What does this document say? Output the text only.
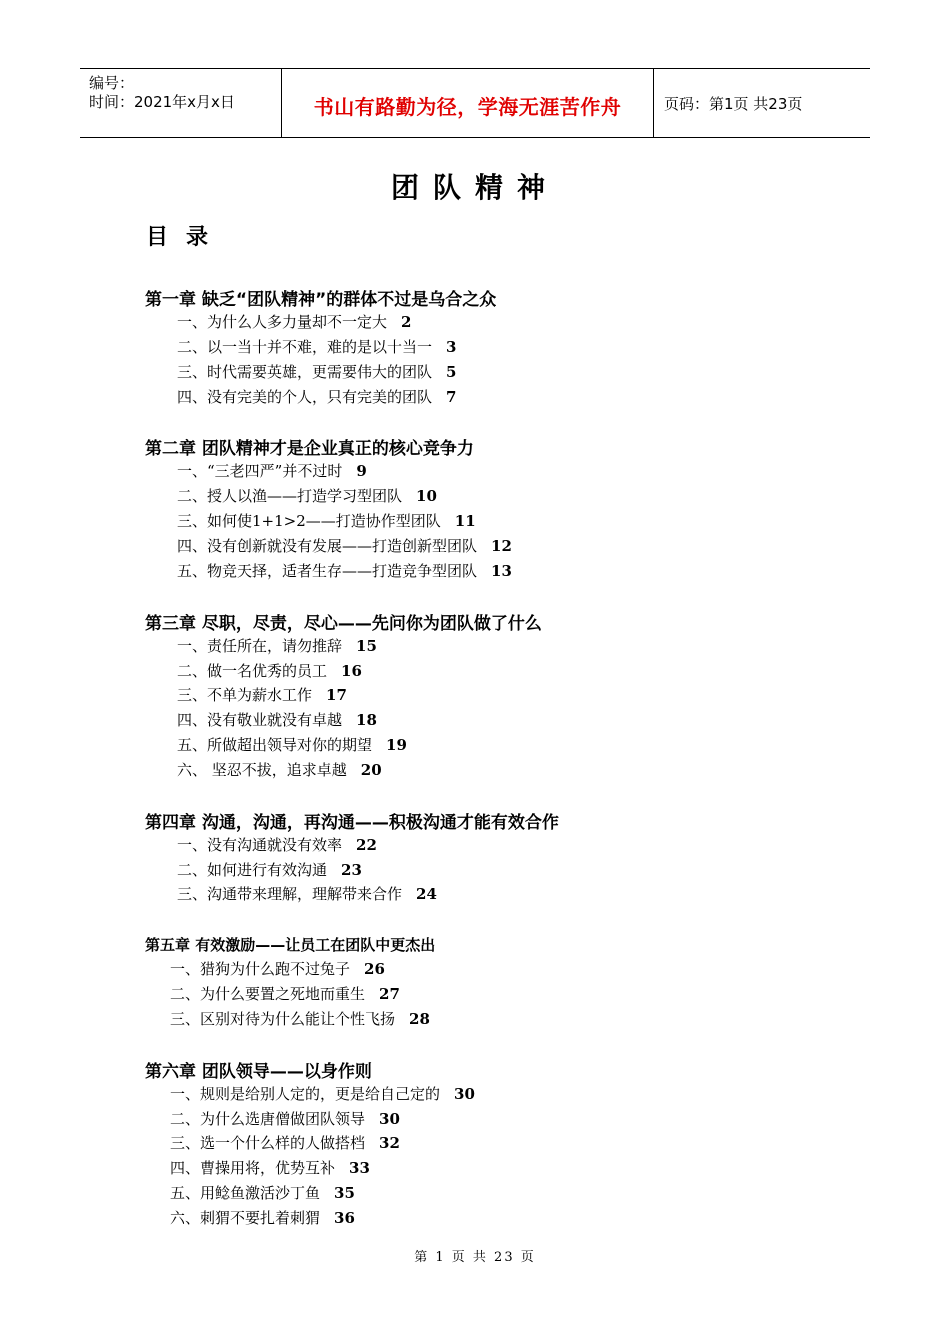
编号：
时间：2021年x月x日	书山有路勤为径，学海无涯苦作舟	页码：第1页 共23页
团队精神
目录
第一章 缺乏“团队精神”的群体不过是乌合之众
一、为什么人多力量却不一定大 2
二、以一当十并不难，难的是以十当一 3
三、时代需要英雄，更需要伟大的团队 5
四、没有完美的个人，只有完美的团队 7
第二章 团队精神才是企业真正的核心竞争力
一、“三老四严”并不过时 9
二、授人以渔——打造学习型团队 10
三、如何使1+1>2——打造协作型团队 11
四、没有创新就没有发展——打造创新型团队 12
五、物竞天择，适者生存——打造竞争型团队 13
第三章 尽职，尽责，尽心——先问你为团队做了什么
一、责任所在，请勿推辞 15
二、做一名优秀的员工 16
三、不单为薪水工作 17
四、没有敬业就没有卓越 18
五、所做超出领导对你的期望 19
六、 坚忍不拔，追求卓越 20
第四章 沟通，沟通，再沟通——积极沟通才能有效合作
一、没有沟通就没有效率 22
二、如何进行有效沟通 23
三、沟通带来理解，理解带来合作 24
第五章 有效激励——让员工在团队中更杰出
一、猎狗为什么跑不过兔子 26
二、为什么要置之死地而重生 27
三、区别对待为什么能让个性飞扬 28
第六章 团队领导——以身作则
一、规则是给别人定的，更是给自己定的 30
二、为什么选唐僧做团队领导 30
三、选一个什么样的人做搭档 32
四、曹操用将，优势互补 33
五、用鲶鱼激活沙丁鱼 35
六、刺猬不要扎着刺猬 36
第 1 页 共 23 页
